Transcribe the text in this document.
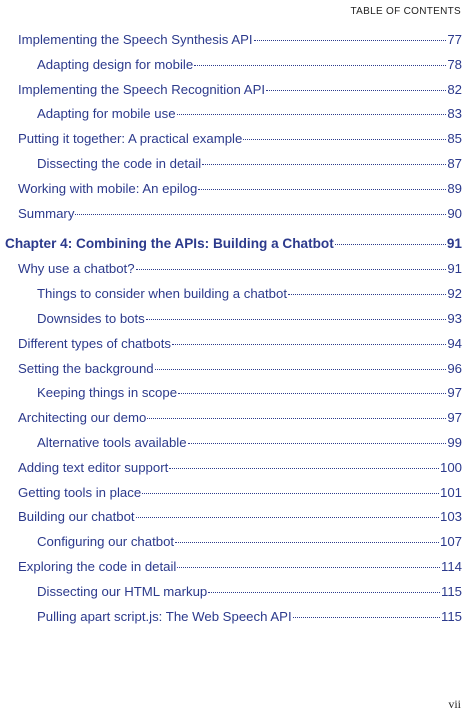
TABLE OF CONTENTS
Implementing the Speech Synthesis API	77
Adapting design for mobile	78
Implementing the Speech Recognition API	82
Adapting for mobile use	83
Putting it together: A practical example	85
Dissecting the code in detail	87
Working with mobile: An epilog	89
Summary	90
Chapter 4: Combining the APIs: Building a Chatbot	91
Why use a chatbot?	91
Things to consider when building a chatbot	92
Downsides to bots	93
Different types of chatbots	94
Setting the background	96
Keeping things in scope	97
Architecting our demo	97
Alternative tools available	99
Adding text editor support	100
Getting tools in place	101
Building our chatbot	103
Configuring our chatbot	107
Exploring the code in detail	114
Dissecting our HTML markup	115
Pulling apart script.js: The Web Speech API	115
vii
